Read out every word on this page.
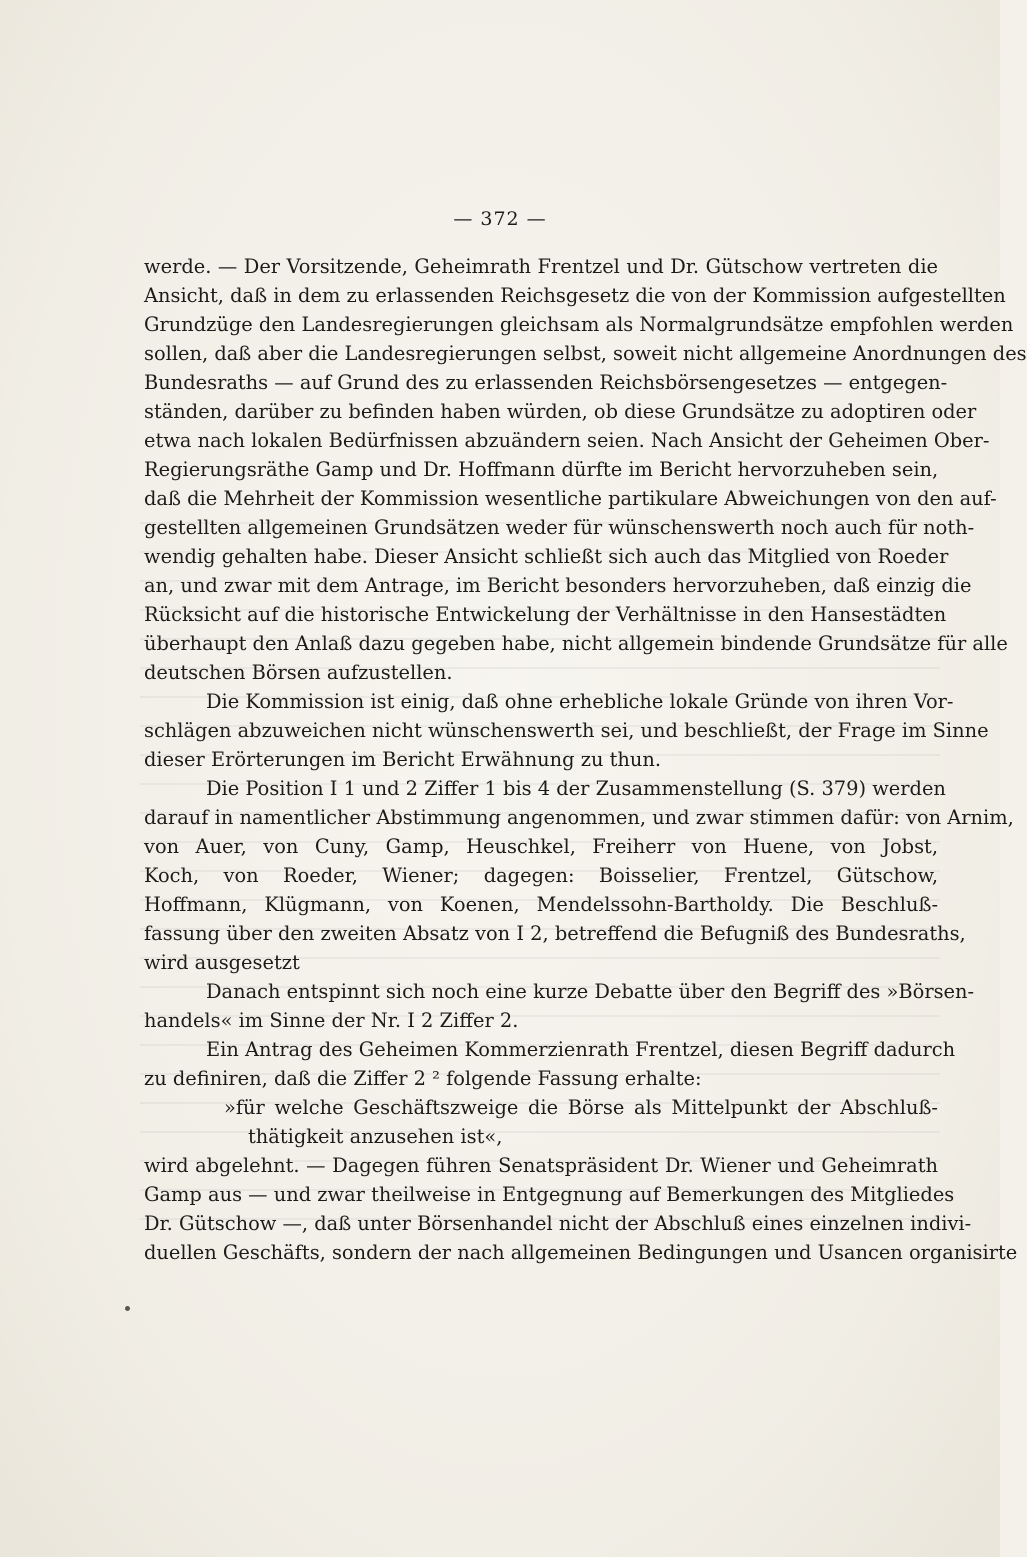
— 372 —
werde. — Der Vorsitzende, Geheimrath Frentzel und Dr. Gütschow vertreten die
Ansicht, daß in dem zu erlassenden Reichsgesetz die von der Kommission aufgestellten
Grundzüge den Landesregierungen gleichsam als Normalgrundsätze empfohlen werden
sollen, daß aber die Landesregierungen selbst, soweit nicht allgemeine Anordnungen des
Bundesraths — auf Grund des zu erlassenden Reichsbörsengesetzes — entgegen-
ständen, darüber zu befinden haben würden, ob diese Grundsätze zu adoptiren oder
etwa nach lokalen Bedürfnissen abzuändern seien. Nach Ansicht der Geheimen Ober-
Regierungsräthe Gamp und Dr. Hoffmann dürfte im Bericht hervorzuheben sein,
daß die Mehrheit der Kommission wesentliche partikulare Abweichungen von den auf-
gestellten allgemeinen Grundsätzen weder für wünschenswerth noch auch für noth-
wendig gehalten habe. Dieser Ansicht schließt sich auch das Mitglied von Roeder
an, und zwar mit dem Antrage, im Bericht besonders hervorzuheben, daß einzig die
Rücksicht auf die historische Entwickelung der Verhältnisse in den Hansestädten
überhaupt den Anlaß dazu gegeben habe, nicht allgemein bindende Grundsätze für alle
deutschen Börsen aufzustellen.
Die Kommission ist einig, daß ohne erhebliche lokale Gründe von ihren Vor-
schlägen abzuweichen nicht wünschenswerth sei, und beschließt, der Frage im Sinne
dieser Erörterungen im Bericht Erwähnung zu thun.
Die Position I 1 und 2 Ziffer 1 bis 4 der Zusammenstellung (S. 379) werden
darauf in namentlicher Abstimmung angenommen, und zwar stimmen dafür: von Arnim,
von Auer, von Cuny, Gamp, Heuschkel, Freiherr von Huene, von Jobst,
Koch, von Roeder, Wiener; dagegen: Boisselier, Frentzel, Gütschow,
Hoffmann, Klügmann, von Koenen, Mendelssohn-Bartholdy. Die Beschluß-
fassung über den zweiten Absatz von I 2, betreffend die Befugniß des Bundesraths,
wird ausgesetzt
Danach entspinnt sich noch eine kurze Debatte über den Begriff des »Börsen-
handels« im Sinne der Nr. I 2 Ziffer 2.
Ein Antrag des Geheimen Kommerzienrath Frentzel, diesen Begriff dadurch
zu definiren, daß die Ziffer 2 ² folgende Fassung erhalte:
»für welche Geschäftszweige die Börse als Mittelpunkt der Abschluß-
thätigkeit anzusehen ist«,
wird abgelehnt. — Dagegen führen Senatspräsident Dr. Wiener und Geheimrath
Gamp aus — und zwar theilweise in Entgegnung auf Bemerkungen des Mitgliedes
Dr. Gütschow —, daß unter Börsenhandel nicht der Abschluß eines einzelnen indivi-
duellen Geschäfts, sondern der nach allgemeinen Bedingungen und Usancen organisirte
